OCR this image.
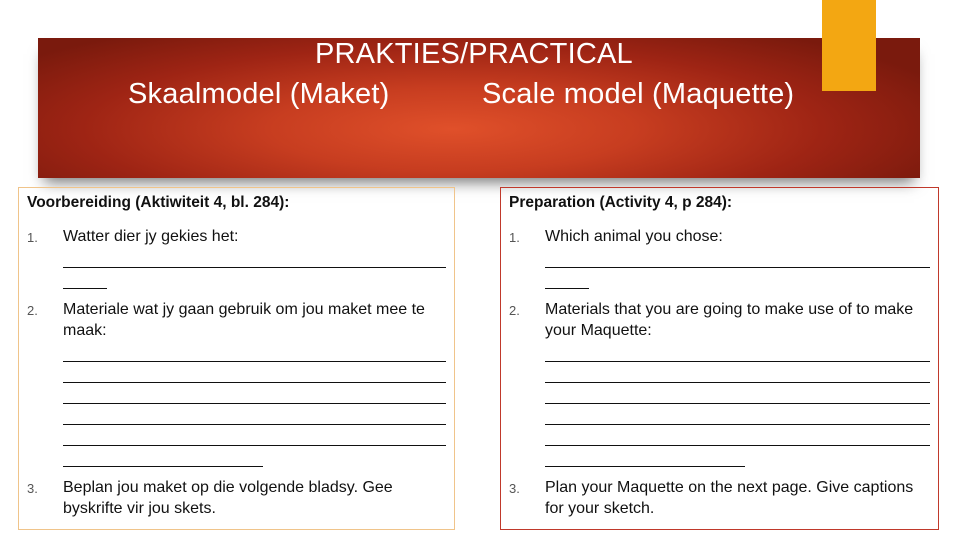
PRAKTIES/PRACTICAL
Skaalmodel (Maket)	Scale model (Maquette)
Voorbereiding (Aktiwiteit 4, bl. 284):
1. Watter dier jy gekies het:
2. Materiale wat jy gaan gebruik om jou maket mee te maak:
3. Beplan jou maket op die volgende bladsy. Gee byskrifte vir jou skets.
Preparation (Activity 4, p 284):
1. Which animal you chose:
2. Materials that you are going to make use of to make your Maquette:
3. Plan your Maquette on the next page. Give captions for your sketch.
